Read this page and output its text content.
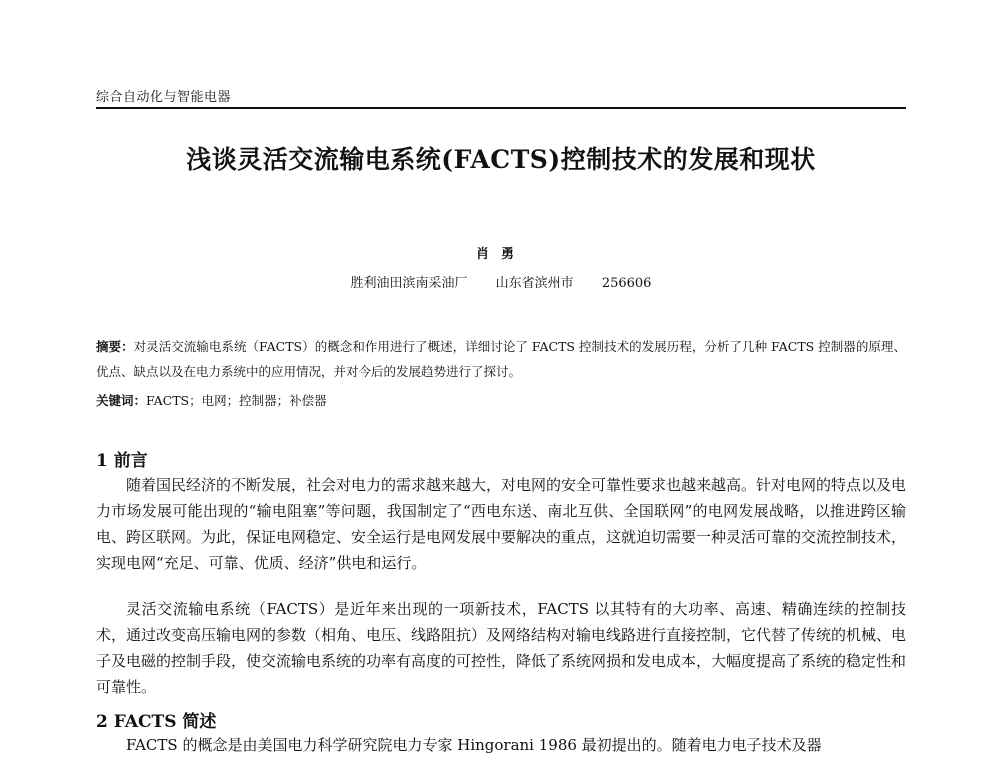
综合自动化与智能电器
浅谈灵活交流输电系统(FACTS)控制技术的发展和现状
肖勇
胜利油田滨南采油厂 山东省滨州市 256606
摘要：对灵活交流输电系统（FACTS）的概念和作用进行了概述，详细讨论了 FACTS 控制技术的发展历程，分析了几种 FACTS 控制器的原理、优点、缺点以及在电力系统中的应用情况，并对今后的发展趋势进行了探讨。
关键词：FACTS；电网；控制器；补偿器
1 前言

随着国民经济的不断发展，社会对电力的需求越来越大，对电网的安全可靠性要求也越来越高。针对电网的特点以及电力市场发展可能出现的“输电阻塞”等问题，我国制定了“西电东送、南北互供、全国联网”的电网发展战略，以推进跨区输电、跨区联网。为此，保证电网稳定、安全运行是电网发展中要解决的重点，这就迫切需要一种灵活可靠的交流控制技术，实现电网“充足、可靠、优质、经济”供电和运行。

灵活交流输电系统（FACTS）是近年来出现的一项新技术，FACTS 以其特有的大功率、高速、精确连续的控制技术，通过改变高压输电网的参数（相角、电压、线路阻抗）及网络结构对输电线路进行直接控制，它代替了传统的机械、电子及电磁的控制手段，使交流输电系统的功率有高度的可控性，降低了系统网损和发电成本，大幅度提高了系统的稳定性和可靠性。

2 FACTS 简述

FACTS 的概念是由美国电力科学研究院电力专家 Hingorani 1986 最初提出的。随着电力电子技术及器
